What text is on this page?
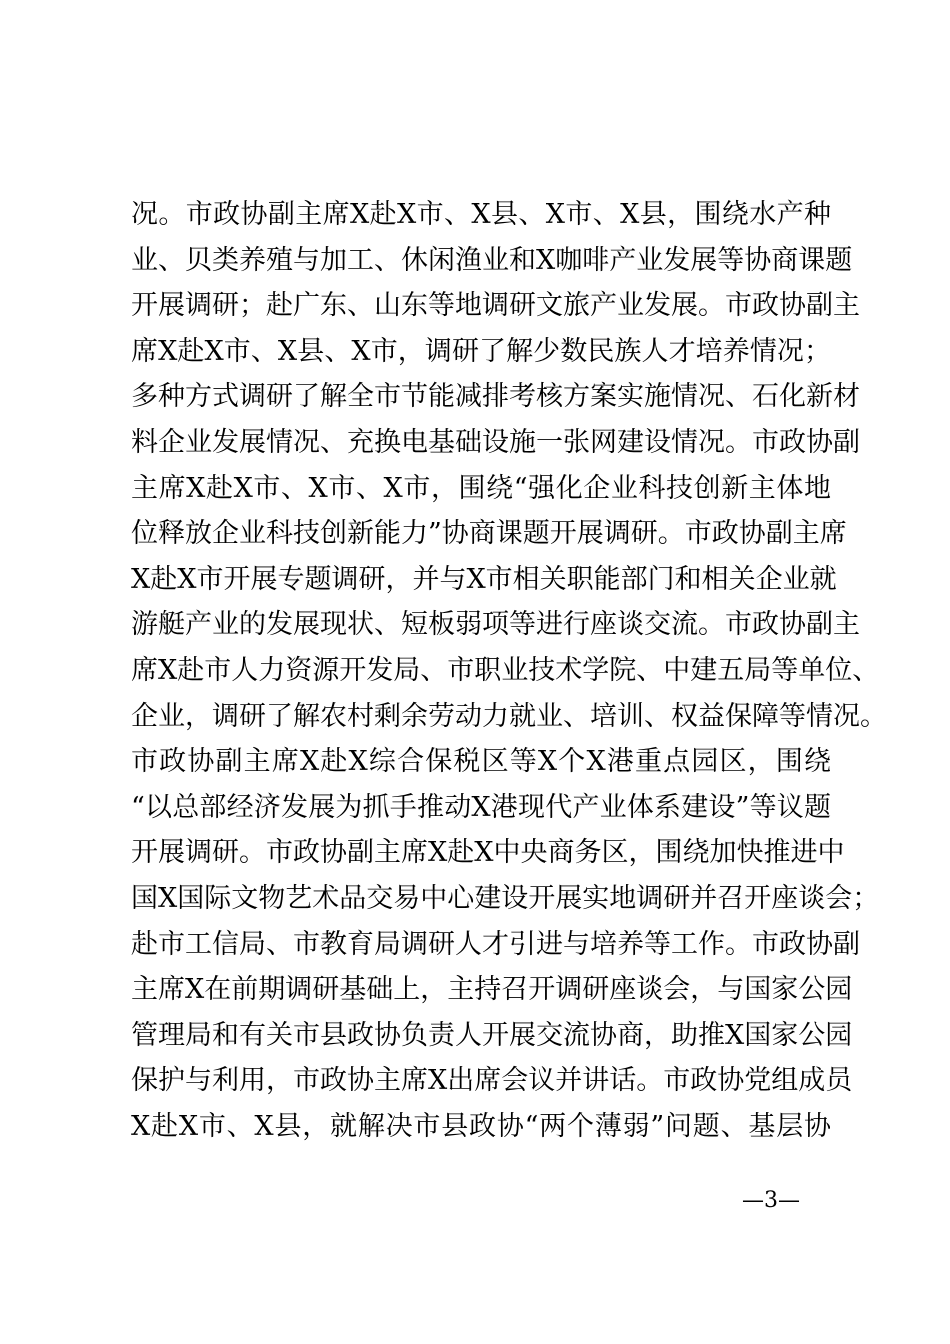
况。市政协副主席X赴X市、X县、X市、X县，围绕水产种
业、贝类养殖与加工、休闲渔业和X咖啡产业发展等协商课题
开展调研；赴广东、山东等地调研文旅产业发展。市政协副主
席X赴X市、X县、X市，调研了解少数民族人才培养情况；
多种方式调研了解全市节能减排考核方案实施情况、石化新材
料企业发展情况、充换电基础设施一张网建设情况。市政协副
主席X赴X市、X市、X市，围绕“强化企业科技创新主体地
位释放企业科技创新能力”协商课题开展调研。市政协副主席
X赴X市开展专题调研，并与X市相关职能部门和相关企业就
游艇产业的发展现状、短板弱项等进行座谈交流。市政协副主
席X赴市人力资源开发局、市职业技术学院、中建五局等单位、
企业，调研了解农村剩余劳动力就业、培训、权益保障等情况。
市政协副主席X赴X综合保税区等X个X港重点园区，围绕
“以总部经济发展为抓手推动X港现代产业体系建设”等议题
开展调研。市政协副主席X赴X中央商务区，围绕加快推进中
国X国际文物艺术品交易中心建设开展实地调研并召开座谈会；
赴市工信局、市教育局调研人才引进与培养等工作。市政协副
主席X在前期调研基础上，主持召开调研座谈会，与国家公园
管理局和有关市县政协负责人开展交流协商，助推X国家公园
保护与利用，市政协主席X出席会议并讲话。市政协党组成员
X赴X市、X县，就解决市县政协“两个薄弱”问题、基层协
—3—
